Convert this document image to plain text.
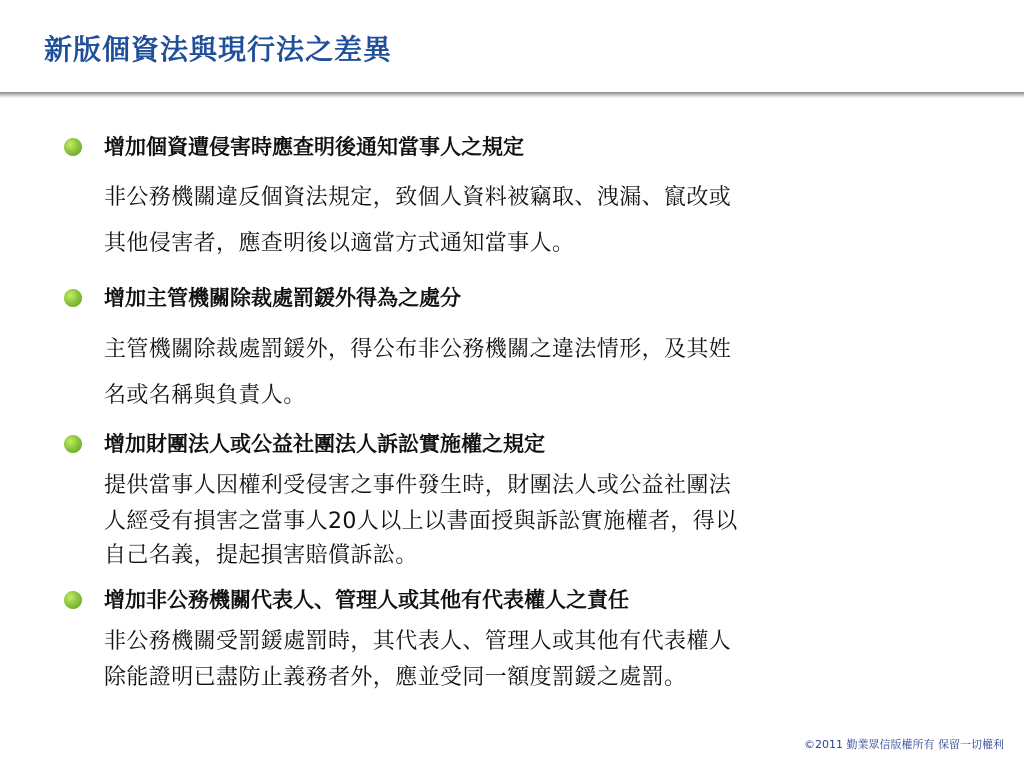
新版個資法與現行法之差異
增加個資遭侵害時應查明後通知當事人之規定
非公務機關違反個資法規定，致個人資料被竊取、洩漏、竄改或
其他侵害者，應查明後以適當方式通知當事人。
增加主管機關除裁處罰鍰外得為之處分
主管機關除裁處罰鍰外，得公布非公務機關之違法情形，及其姓
名或名稱與負責人。
增加財團法人或公益社團法人訴訟實施權之規定
提供當事人因權利受侵害之事件發生時，財團法人或公益社團法
人經受有損害之當事人20人以上以書面授與訴訟實施權者，得以
自己名義，提起損害賠償訴訟。
增加非公務機關代表人、管理人或其他有代表權人之責任
非公務機關受罰鍰處罰時，其代表人、管理人或其他有代表權人
除能證明已盡防止義務者外，應並受同一額度罰鍰之處罰。
©2011 勤業眾信版權所有 保留一切權利
